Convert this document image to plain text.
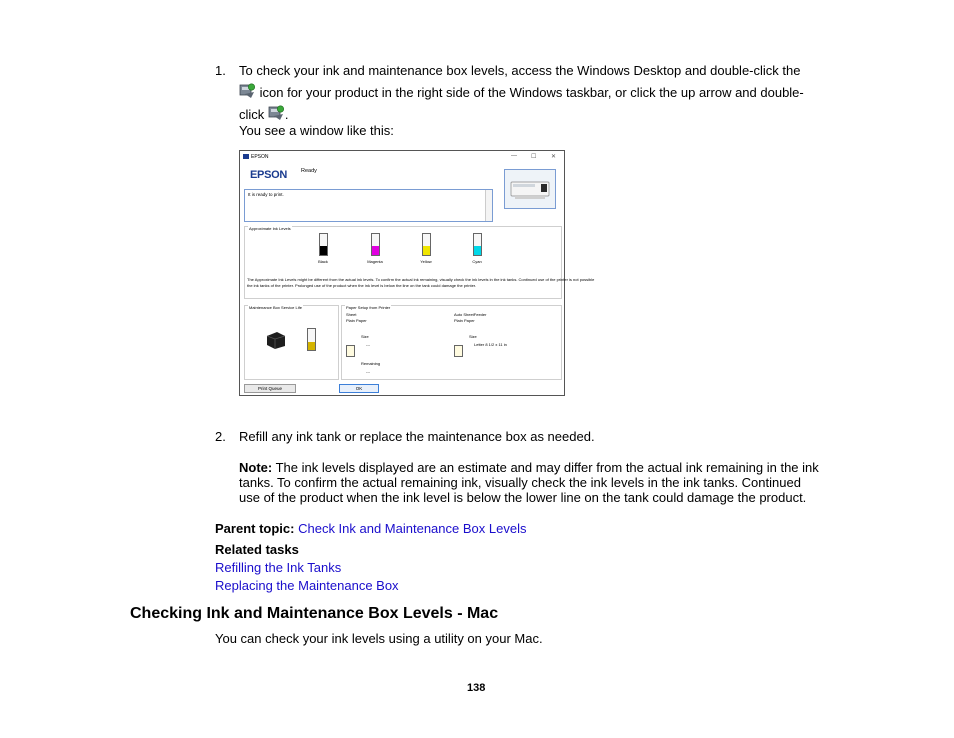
1. To check your ink and maintenance box levels, access the Windows Desktop and double-click the
icon for your product in the right side of the Windows taskbar, or click the up arrow and double-
click .
You see a window like this:
EPSON	— ☐ ✕
EPSON	Ready
It is ready to print.
Approximate Ink Levels
Black	Magenta	Yellow	Cyan
The Approximate Ink Levels might be different from the actual ink levels. To confirm the actual ink remaining, visually check the ink levels in the ink tanks. Continued use of the printer is not possible
the ink tanks of the printer. Prolonged use of the product when the ink level is below the line on the tank could damage the printer.
Maintenance Box Service Life	Paper Setup from Printer
Sheet
Plain Paper
Size
---
Remaining
---
Auto SheetFeeder
Plain Paper
Size
Letter 8 1/2 x 11 in
Print Queue	OK
2. Refill any ink tank or replace the maintenance box as needed.
Note: The ink levels displayed are an estimate and may differ from the actual ink remaining in the ink
tanks. To confirm the actual remaining ink, visually check the ink levels in the ink tanks. Continued
use of the product when the ink level is below the lower line on the tank could damage the product.
Parent topic: Check Ink and Maintenance Box Levels
Related tasks
Refilling the Ink Tanks
Replacing the Maintenance Box
Checking Ink and Maintenance Box Levels - Mac
You can check your ink levels using a utility on your Mac.
138
